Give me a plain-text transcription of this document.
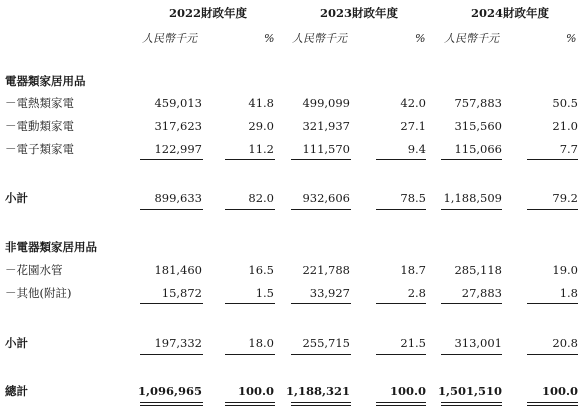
2022財政年度	2023財政年度	2024財政年度
人民幣千元	% 人民幣千元	% 人民幣千元	%
電器類家居用品
－電熱類家電	459,013	41.8 499,099	42.0 757,883	50.5
－電動類家電	317,623	29.0 321,937	27.1 315,560	21.0
－電子類家電	122,997	11.2 111,570	9.4 115,066	7.7
小計	899,633	82.0 932,606	78.5 1,188,509	79.2
非電器類家居用品
－花園水管	181,460	16.5 221,788	18.7 285,118	19.0
－其他(附註)	15,872	1.5	33,927	2.8	27,883	1.8
小計	197,332	18.0 255,715	21.5 313,001	20.8
總計	1,096,965	100.0 1,188,321	100.0 1,501,510	100.0
